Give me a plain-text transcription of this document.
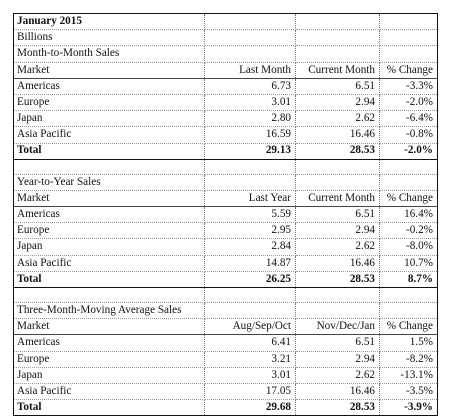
January 2015			
Billions			
Month-to-Month Sales			
Market	Last Month	Current Month	% Change
Americas	6.73	6.51	-3.3%
Europe	3.01	2.94	-2.0%
Japan	2.80	2.62	-6.4%
Asia Pacific	16.59	16.46	-0.8%
Total	29.13	28.53	-2.0%

Year-to-Year Sales			
Market	Last Year	Current Month	% Change
Americas	5.59	6.51	16.4%
Europe	2.95	2.94	-0.2%
Japan	2.84	2.62	-8.0%
Asia Pacific	14.87	16.46	10.7%
Total	26.25	28.53	8.7%

Three-Month-Moving Average Sales			
Market	Aug/Sep/Oct	Nov/Dec/Jan	% Change
Americas	6.41	6.51	1.5%
Europe	3.21	2.94	-8.2%
Japan	3.01	2.62	-13.1%
Asia Pacific	17.05	16.46	-3.5%
Total	29.68	28.53	-3.9%
